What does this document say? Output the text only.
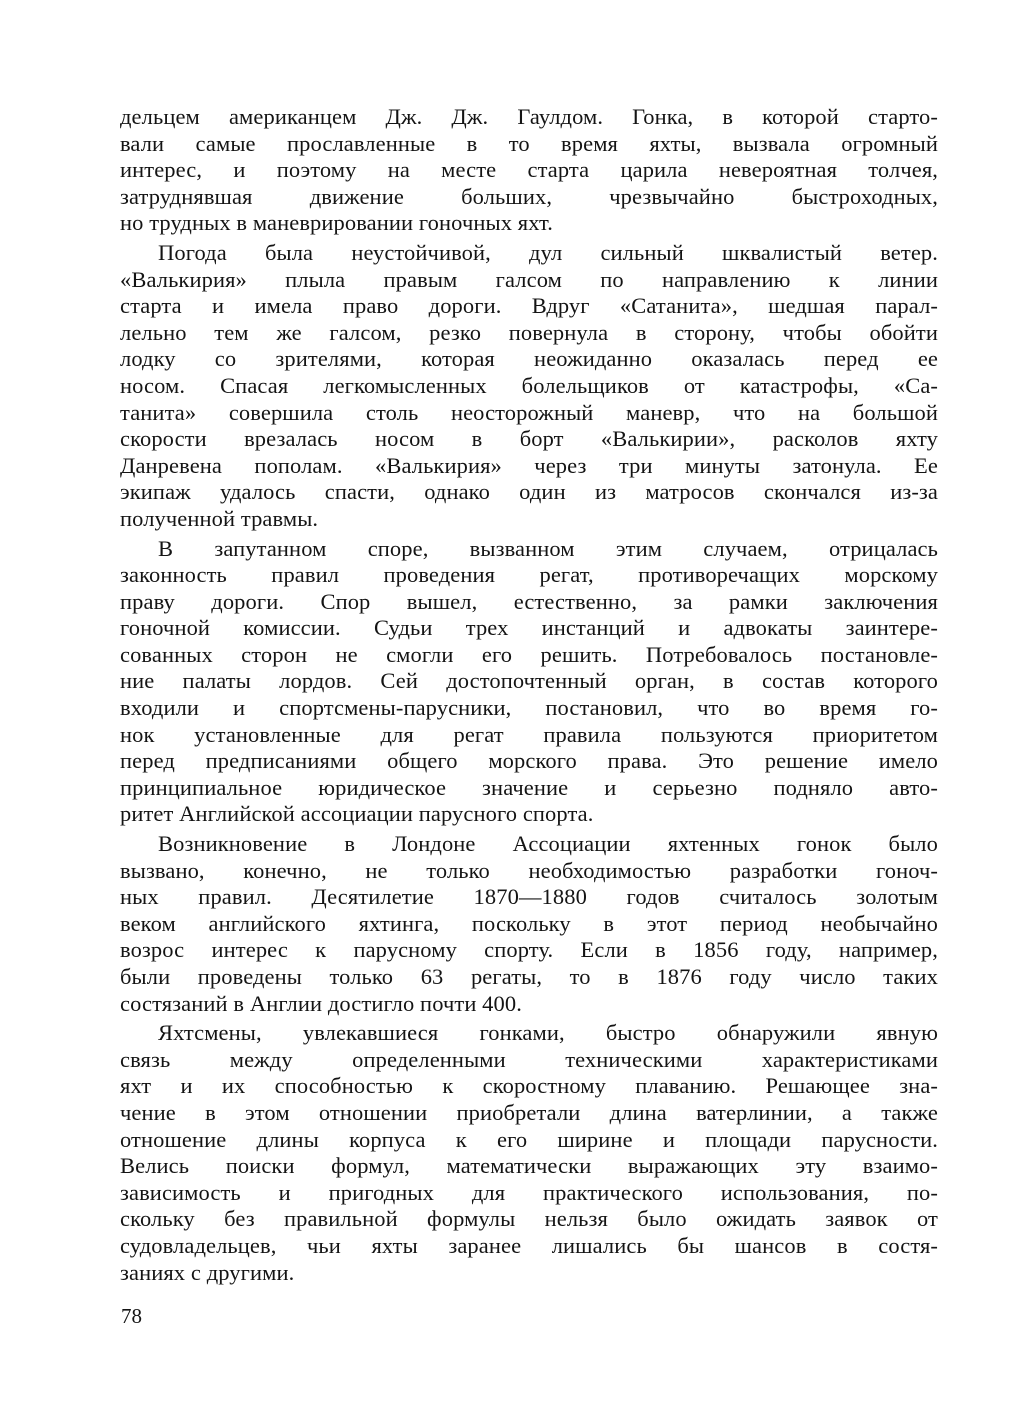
дельцем американцем Дж. Дж. Гаулдом. Гонка, в которой старто-
вали самые прославленные в то время яхты, вызвала огромный
интерес, и поэтому на месте старта царила невероятная толчея,
затруднявшая движение больших, чрезвычайно быстроходных,
но трудных в маневрировании гоночных яхт.
Погода была неустойчивой, дул сильный шквалистый ветер.
«Валькирия» плыла правым галсом по направлению к линии
старта и имела право дороги. Вдруг «Сатанита», шедшая парал-
лельно тем же галсом, резко повернула в сторону, чтобы обойти
лодку со зрителями, которая неожиданно оказалась перед ее
носом. Спасая легкомысленных болельщиков от катастрофы, «Са-
танита» совершила столь неосторожный маневр, что на большой
скорости врезалась носом в борт «Валькирии», расколов яхту
Данревена пополам. «Валькирия» через три минуты затонула. Ее
экипаж удалось спасти, однако один из матросов скончался из-за
полученной травмы.
В запутанном споре, вызванном этим случаем, отрицалась
законность правил проведения регат, противоречащих морскому
праву дороги. Спор вышел, естественно, за рамки заключения
гоночной комиссии. Судьи трех инстанций и адвокаты заинтере-
сованных сторон не смогли его решить. Потребовалось постановле-
ние палаты лордов. Сей достопочтенный орган, в состав которого
входили и спортсмены-парусники, постановил, что во время го-
нок установленные для регат правила пользуются приоритетом
перед предписаниями общего морского права. Это решение имело
принципиальное юридическое значение и серьезно подняло авто-
ритет Английской ассоциации парусного спорта.
Возникновение в Лондоне Ассоциации яхтенных гонок было
вызвано, конечно, не только необходимостью разработки гоноч-
ных правил. Десятилетие 1870—1880 годов считалось золотым
веком английского яхтинга, поскольку в этот период необычайно
возрос интерес к парусному спорту. Если в 1856 году, например,
были проведены только 63 регаты, то в 1876 году число таких
состязаний в Англии достигло почти 400.
Яхтсмены, увлекавшиеся гонками, быстро обнаружили явную
связь между определенными техническими характеристиками
яхт и их способностью к скоростному плаванию. Решающее зна-
чение в этом отношении приобретали длина ватерлинии, а также
отношение длины корпуса к его ширине и площади парусности.
Велись поиски формул, математически выражающих эту взаимо-
зависимость и пригодных для практического использования, по-
скольку без правильной формулы нельзя было ожидать заявок от
судовладельцев, чьи яхты заранее лишались бы шансов в состя-
заниях с другими.
78
